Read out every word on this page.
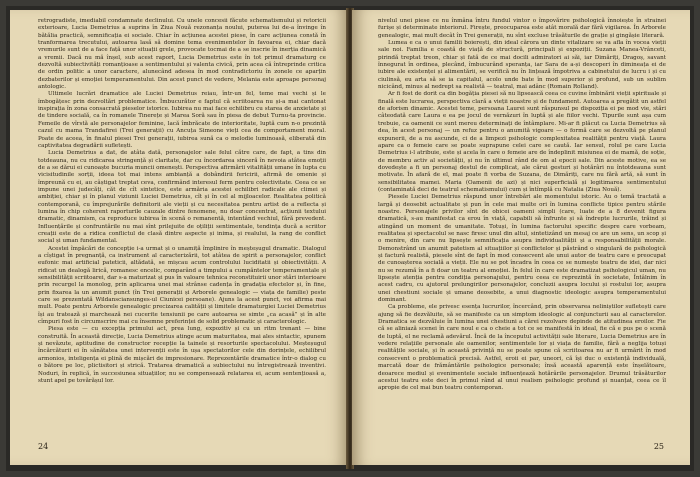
retrogradiste, imediabil condamnate declinului. Cu unele concesii făcute schematismului și retoricii exterioare, Lucia Demetrius a suprins în Ziua Nouă rezonanța noului, puterea lui de-a învinge în bătălia practică, semnificația ei sociale. Chiar în acțiunea acestei piese, în care acțiunea constă în tranformarea trecutului, autoarea lasă să domine tema evenimentelor în favoarea ei, chiar dacă vremurile sunt de a face față unor situații grele, provocate tocmai de a se inscrie în inerția dinamică a vremii. Dacă nu mă înșel, sub acest raport, Lucia Demetrius este în tot primul dramaturg ce dezvoltă subiectivități romanțioase a sentimentului și valenta civică, prin acea că întreprinde critica de ordin politic a unor caractere, alunecând adesea în mod contradictoriu în zonele ce aparțin dezbaterilor și emoției temperamentului. Din acest punct de vedere, Melania este aproape personaj antologic.

Ultimele lucrări dramatice ale Luciei Demetrius reiau, într-un fel, teme mai vechi și le îmbogățesc prin dezvoltări problematice. Îmbucurător e faptul că scriitoarea nu și-a mai cantonat inspirația în zona consacrată pieselor istorice. Iubirea nu mai face echilibru cu starea de anxietate și de tindere socială, ca în romanele Tinerețe și Marea Soră sau în piesa de debut Turnu-ta provincie. Femeile de vîrstă ale personajelor feminine, lacă îmbrăcate de interioritate, luptă cum n-o prezintă cazul cu mama Trandafirei (Trei generații) cu Ancuța Simeone vieți cea de comportament moral. Poate de aceea, în finalul piesei Trei generații, iubirea sună ca o melodie luminoasă, eliberată din captivitatea degradării sufletești.

Lucia Demetrius a dat, de atâta dată, personajelor sale felul către care, de fapt, a tins din totdeauna, nu cu ridicarea stringență și claritate, dar cu încordarea sinceră în nevoia atâtea emoții de a se dărui ei cunoaște bucuria muncii omenești. Perspectiva afirmării vitalității umane în lupta cu vicisitudinile sorții, ideea tot mai intens ambianță a dobândirii fericirii, afirmă de omenie și împreună cu ei, au câștigat treptat ceva, confirmând interesul ferm pentru colectivitate. Ceea ce se impune unei judecăți, căt de cît sintetice, este armăria acestei echilibri radicale ale climei și ambiției, chiar și în planul viziunii Luciei Demetrius, cît și în cel al mijloacelor. Realitatea politică contemporană, cu împrejurările definitorii ale vieții și cu necesitatea pentru artist de a reflecta și lumina în chip coherent raporturile cauzale dintre fenomene, nu doar concentrat, acțiunii textului dramatic, dinamism, ca reproduce iubirea în scenă o remanentă, intentând vechiul, fără prevedent. Influențările și confruntările nu mai sînt prilejuite de oțiliții sentimentale, tendința ducă a scriitor creații este de a ridica conflictul de clasă dintre aspecte și inima, și realului, la rang de conflict social și uman fundamental.

Acestei împăcări de concepție i-a urmat și o unamiță împlinire în meșteșugul dramatic. Dialogul a cîștigat în pregnanță, ca instrument al caracterizării, tot atâtea de spirit a personajelor, conflict eufonic mai artificial pateticii, altădată, se mișcau acum controlului luciditatii și obiectivității. A ridicat un dealogă lirică, romanesc encelic, comparând a timpului a cumpăntelor temperamentale și sensibilității scriitoarei, dar s-a maturizat și pus în valoare tehnica reconstituirii unor stări interioare prin recurgel la monolog, prin aplicarea unei mai strânse cadența în gradația efectelor și, în fine, prin fixarea la un anumit punct (în Trei generații și Arborele genealogic — viața de familie) peste care se prezentată Wildansciansunges-ul Ciunicei persoane). Ajuns la acest punct, voi afirma mai mult. Poate pentru Arborele genealogic precizarea calității și limitele dramaturgiei Luciei Demetrius își au tratează și marchează nei cucerite tensiunii pe care autoarea se simte „ca acasă” și în alte cîmpuri fost în circumscrire mai cu însemne preferinței de solid problematic și caracterologic.

Piesa este — cu excepția primului act, prea lung, expozitiv și cu un ritm trenant — bine construită. În această direcție, Lucia Demetrius atinge acum maturitatea, mai ales sintactic, spunem și nevăzute, aptitudine de constructor recepție la tainele și resorturile spectacolului. Meșteșugul încărcăturii ei în sănătatea unei intervenții este în ușa spectatorilor cele din dorințele, echilibrul armonios, inteligența ei plină de mișcări de impresionare. Reprezentările dramatice într-o dialog cu o bătore pe loc, plictisitori și strică. Tratarea dramatică a subiectului nu întregistrează inventivi. Noduri, în replică, în succesiunea situațiilor, nu se compensează relatarea ei, acum sentențioasă a, stunt apel pe tovărășul lor.

24

nivelul unei piese ce nu înmâna întru fundul vintor o împovărire psihologică înnoiește în strainei furișe și determinate interiorul. Firește, preocuparea este atât morală dar fără vigilarea. În Arborele genealogic, mai mult decât în Trei generații, nu sînt excluse trăsăturile de grație și gingășie literară.

Lumea e ca o unui familii boierești, din ideal cărora un dinte vitalizare se va afla în vocea vieții sale noi. Familia e coastă de viață de structură, principali și expoziții. Suzana Manea-Vrânceti, pirindă treptat treon, chiar și fată de ce mai docili admiratori ai săi, iar Dimăriți, Dragoș, savant înnegurat în ordinea, plecând, îmbucurând speranța, iar Sara de a-și descoperi în dimineața ei de iubire ale existenței și alimentării, se verifică nu în lințează împotriva a cabinetului de lucru i și cu ciulinsă, eu arta să se ia capitalul, acolo unde bate în mod superior și profund, sub un sublim nicicând, minus al nedrept sa realistă — teatral, mai adânc (Romain Rolland).

Ar fi fost de dorit ca din bogăția piesei să nu lipsească ceea ce cuvine îmbinării vieții spirituale și finală este lucrarea, perspectiva clară a vieții noastre și de fundament. Autoarea a pregătit un astfel de aforism dinamic. Acestei teme, persoana Laurei sunt răspunsul pe dispoziția ei pe mod vie, stări câteodată care Laura e ea pe jocul de vernăzuri în luptă și ale fiilor vechi. Tipurile sunt așa cum trebuie, ca oamenii ce sunt mereu determinați de întâmplare. Mi-ar fi plăcut ca Lucia Demetrius să dea, în acest personaj — un refuz pentru o anumită vigoare — o formă care se dezvoltă pe planul expunerii, de a nu ascunde, ci de a limpezi psihologic complexitatea realității pentru viață. Laura apare ca o femeie care se poate suprapune celei care se caută. Iar sensul, rolul pe care Lucia Demetrius i-l atribuie, este și acela în care o femeie are de îndeplinit misiunea ei de mamă, de soție, de membru activ al societății, și nu în ultimul rând de om al epocii sale. Din aceste motive, ea se dovedește a fi un personaj destul de complicat, ale cărui gesturi și hotărâri nu întotdeauna sunt motivate. În afară de el, mai poate fi vorba de Suzana, de Dimăriți, care nu fără artă, să sunt în sensibilitatea mamei. Maria (Oamenii de azi) și nici superficială și legitimarea sentimentului (contaminată deci de teatrul schematismului) cum și întîmplă cu Natalia (Ziua Nouă).

Piesele Luciei Demetrius răspund unor întrebări ale momentului istoric. Au o temă tractată a largă și deosebit actualitate și pun în cele mai multe ori în lumina conflicte tipice pentru stările noastre. Personajele privilor sînt de obicei oameni simpli (care, luate de a 8 devenit figura dramatică, s-au manifestat ca erou în viață, capabili să înfrunte și să îndrepte lucrurile, trăind și atingând un moment de umanitate. Totuși, în lumina factorului specific despre care vorbeam, realitatea și spectacolul se nasc firesc unul din altul, sintetizând un mesaj ce are un sens, un scop și o menire, din care nu lipsește semnificația asupra individualității și a responsabilității morale. Demonstrând un anumit patetism al situațiilor și conflictelor și păstrând o singulară de psihologică și factură realistă, piesele sînt de fapt în mod consecvent ale unui autor de teatru care e preocupat de cunoașterea socială a vieții. Ele nu se pot încadra în ceea ce se numește teatru de idei, dar nici nu se rezumă în a fi doar un teatru al emoției. În felul în care este dramatizat psihologicul uman, nu lipsește atenția pentru condiția personajului, pentru ceea ce reprezintă în societate, Întâlnim în acest cadru, cu ajutorul prelungirilor personajelor, concluzii asupra locului și rostului lor, asupra unei chestiuni sociale și umane deosebite, a unui diagnostic ideologic asupra temperamentului dominant.

Ca probleme, ele privesc esența lucrurilor, încercând, prin observarea neliniștilor sufletești care ajung să fie dezvăluite, să se manifeste ca un simptom ideologic al conjuncturii sau al caracterelor. Dramatica se dezvăluie în lumina unei chestiuni a cărei rezolvare depinde de atitudinea eroilor. Fie că se aliniază scenei în care noul e ca o cheie a tot ce se manifestă în ideal, fie că e pus pe o scenă de luptă, el ne reclamă adevărul. Încă de la începutul activității sale literare, Lucia Demetrius are în vedere relațiile personale ale oamenilor, sentimentele lor și viața de familie, fără a neglija totuși realitățile sociale, și în această privință nu se poate spune că scriitoarea nu ar fi urmărit în mod consecvent o problematică precisă. Astfel, eroii ei par, uneori, că își duc o existență individuală, marcată doar de frământările psihologice personale; însă această aparență este înșelătoare, deoarece mediul și evenimentele sociale influențează hotărârile personajelor. Drumul trăsăturilor acestui teatru este deci în primul rând al unui realism psihologic profund și nuanțat, ceea ce îl apropie de cel mai bun teatru contemporan.

25
